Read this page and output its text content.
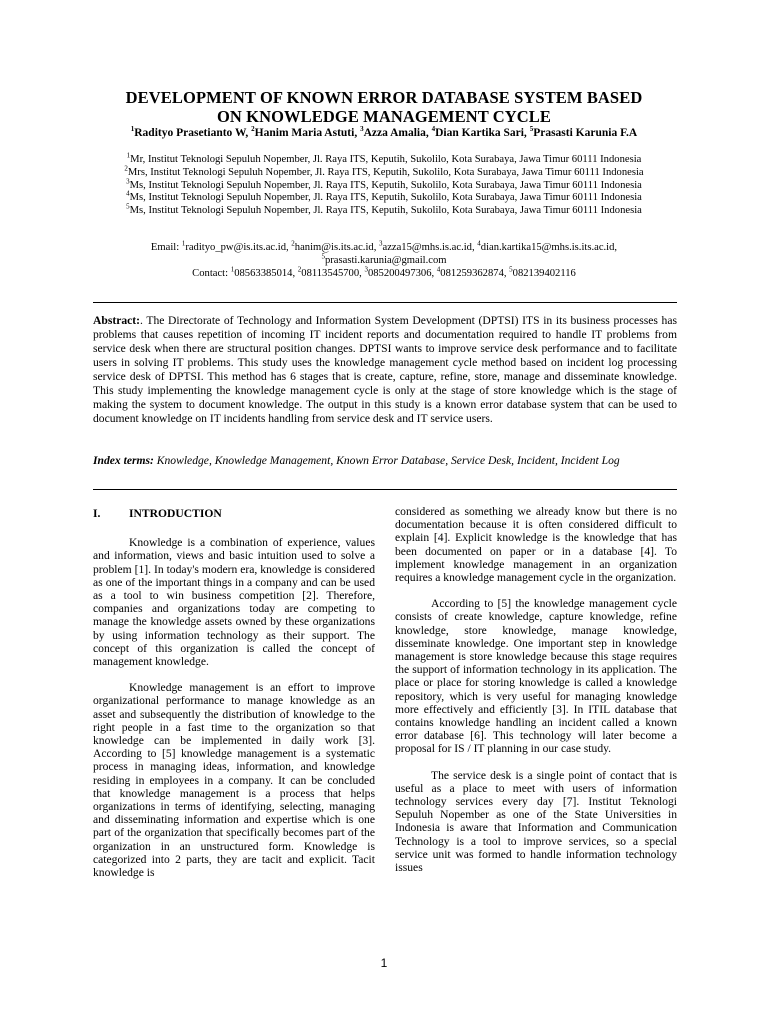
DEVELOPMENT OF KNOWN ERROR DATABASE SYSTEM BASED
ON KNOWLEDGE MANAGEMENT CYCLE
$^1$Radityo Prasetianto W, $^2$Hanim Maria Astuti, $^3$Azza Amalia, $^4$Dian Kartika Sari, $^5$Prasasti Karunia F.A
$^1$Mr, Institut Teknologi Sepuluh Nopember, Jl. Raya ITS, Keputih, Sukolilo, Kota Surabaya, Jawa Timur 60111 Indonesia
$^2$Mrs, Institut Teknologi Sepuluh Nopember, Jl. Raya ITS, Keputih, Sukolilo, Kota Surabaya, Jawa Timur 60111 Indonesia
$^3$Ms, Institut Teknologi Sepuluh Nopember, Jl. Raya ITS, Keputih, Sukolilo, Kota Surabaya, Jawa Timur 60111 Indonesia
$^4$Ms, Institut Teknologi Sepuluh Nopember, Jl. Raya ITS, Keputih, Sukolilo, Kota Surabaya, Jawa Timur 60111 Indonesia
$^5$Ms, Institut Teknologi Sepuluh Nopember, Jl. Raya ITS, Keputih, Sukolilo, Kota Surabaya, Jawa Timur 60111 Indonesia
Email: $^1$radityo_pw@is.its.ac.id, $^2$hanim@is.its.ac.id, $^3$azza15@mhs.is.ac.id, $^4$dian.kartika15@mhs.is.its.ac.id,
$^5$prasasti.karunia@gmail.com
Contact: $^1$08563385014, $^2$08113545700, $^3$085200497306, $^4$081259362874, $^5$082139402116
Abstract:. The Directorate of Technology and Information System Development (DPTSI) ITS in its business processes has problems that causes repetition of incoming IT incident reports and documentation required to handle IT problems from service desk when there are structural position changes. DPTSI wants to improve service desk performance and to facilitate users in solving IT problems. This study uses the knowledge management cycle method based on incident log processing service desk of DPTSI. This method has 6 stages that is create, capture, refine, store, manage and disseminate knowledge. This study implementing the knowledge management cycle is only at the stage of store knowledge which is the stage of making the system to document knowledge. The output in this study is a known error database system that can be used to document knowledge on IT incidents handling from service desk and IT service users.
Index terms: Knowledge, Knowledge Management, Known Error Database, Service Desk, Incident, Incident Log
I.	INTRODUCTION

Knowledge is a combination of experience, values and information, views and basic intuition used to solve a problem [1]. In today's modern era, knowledge is considered as one of the important things in a company and can be used as a tool to win business competition [2]. Therefore, companies and organizations today are competing to manage the knowledge assets owned by these organizations by using information technology as their support. The concept of this organization is called the concept of management knowledge.

Knowledge management is an effort to improve organizational performance to manage knowledge as an asset and subsequently the distribution of knowledge to the right people in a fast time to the organization so that knowledge can be implemented in daily work [3]. According to [5] knowledge management is a systematic process in managing ideas, information, and knowledge residing in employees in a company. It can be concluded that knowledge management is a process that helps organizations in terms of identifying, selecting, managing and disseminating information and expertise which is one part of the organization that specifically becomes part of the organization in an unstructured form. Knowledge is categorized into 2 parts, they are tacit and explicit. Tacit knowledge is

considered as something we already know but there is no documentation because it is often considered difficult to explain [4]. Explicit knowledge is the knowledge that has been documented on paper or in a database [4]. To implement knowledge management in an organization requires a knowledge management cycle in the organization.

According to [5] the knowledge management cycle consists of create knowledge, capture knowledge, refine knowledge, store knowledge, manage knowledge, disseminate knowledge. One important step in knowledge management is store knowledge because this stage requires the support of information technology in its application. The place or place for storing knowledge is called a knowledge repository, which is very useful for managing knowledge more effectively and efficiently [3]. In ITIL database that contains knowledge handling an incident called a known error database [6]. This technology will later become a proposal for IS / IT planning in our case study.

The service desk is a single point of contact that is useful as a place to meet with users of information technology services every day [7]. Institut Teknologi Sepuluh Nopember as one of the State Universities in Indonesia is aware that Information and Communication Technology is a tool to improve services, so a special service unit was formed to handle information technology issues

1
